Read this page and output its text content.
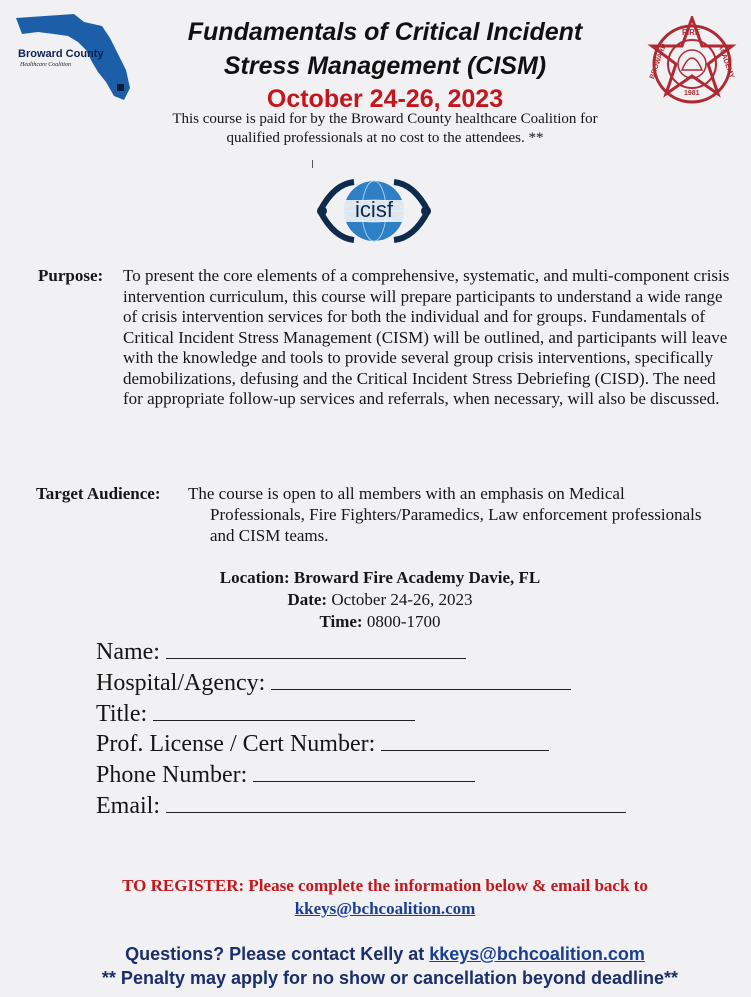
Broward County
Healthcare Coalition
Fundamentals of Critical Incident
Stress Management (CISM)
October 24-26, 2023
This course is paid for by the Broward County healthcare Coalition for
qualified professionals at no cost to the attendees. **
FIRE
BROWARD	ACADEMY
1981
icisf
Purpose: To present the core elements of a comprehensive, systematic, and multi-component crisis intervention curriculum, this course will prepare participants to understand a wide range of crisis intervention services for both the individual and for groups. Fundamentals of Critical Incident Stress Management (CISM) will be outlined, and participants will leave with the knowledge and tools to provide several group crisis interventions, specifically demobilizations, defusing and the Critical Incident Stress Debriefing (CISD). The need for appropriate follow-up services and referrals, when necessary, will also be discussed.
Target Audience: The course is open to all members with an emphasis on Medical
Professionals, Fire Fighters/Paramedics, Law enforcement professionals and CISM teams.
Location: Broward Fire Academy Davie, FL
Date: October 24-26, 2023
Time: 0800-1700
Name:
Hospital/Agency:
Title:
Prof. License / Cert Number:
Phone Number:
Email:
TO REGISTER: Please complete the information below & email back to
kkeys@bchcoalition.com
Questions? Please contact Kelly at kkeys@bchcoalition.com
** Penalty may apply for no show or cancellation beyond deadline**
